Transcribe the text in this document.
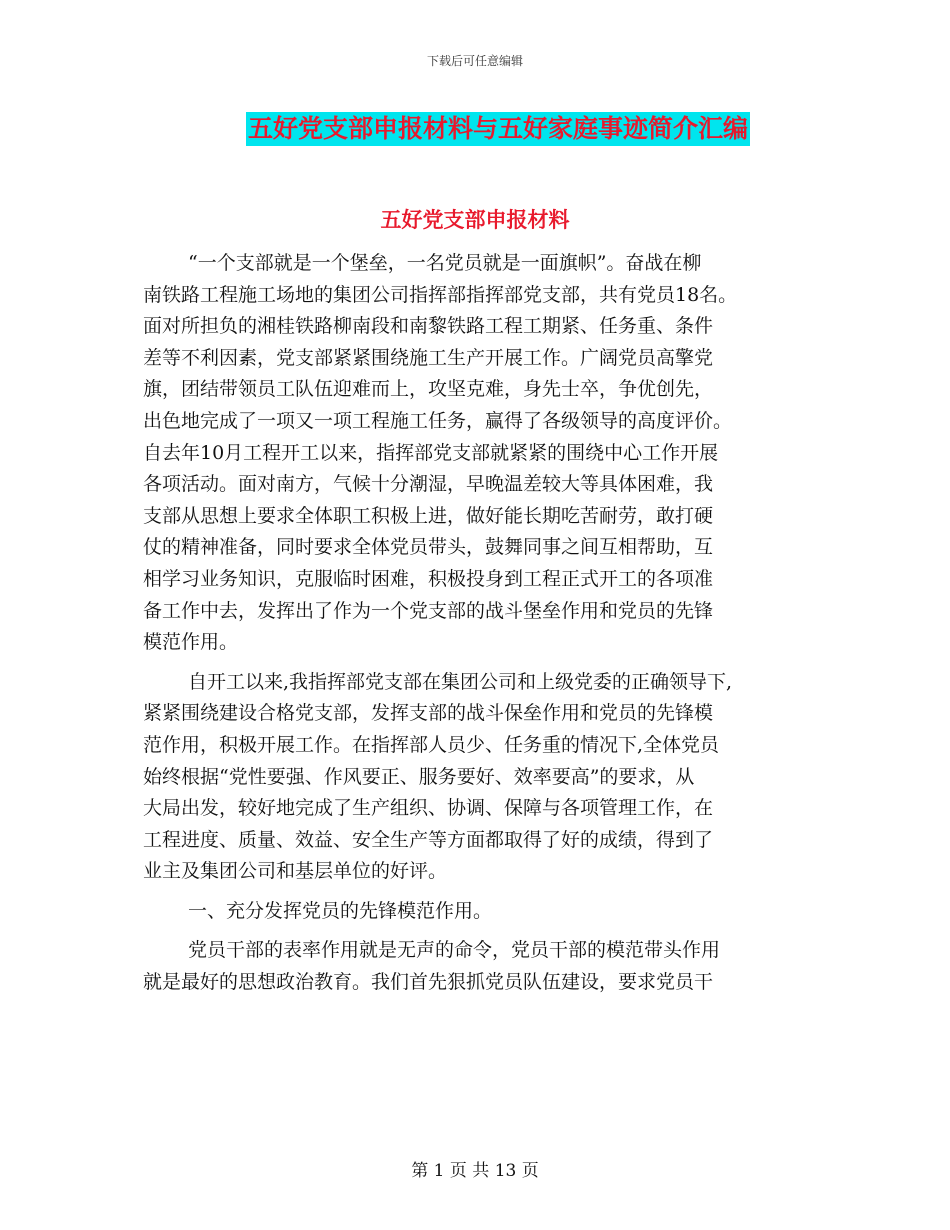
下载后可任意编辑
五好党支部申报材料与五好家庭事迹简介汇编
五好党支部申报材料
“一个支部就是一个堡垒，一名党员就是一面旗帜”。奋战在柳
南铁路工程施工场地的集团公司指挥部指挥部党支部，共有党员18名。
面对所担负的湘桂铁路柳南段和南黎铁路工程工期紧、任务重、条件
差等不利因素，党支部紧紧围绕施工生产开展工作。广阔党员高擎党
旗，团结带领员工队伍迎难而上，攻坚克难，身先士卒，争优创先，
出色地完成了一项又一项工程施工任务，赢得了各级领导的高度评价。
自去年10月工程开工以来，指挥部党支部就紧紧的围绕中心工作开展
各项活动。面对南方，气候十分潮湿，早晚温差较大等具体困难，我
支部从思想上要求全体职工积极上进，做好能长期吃苦耐劳，敢打硬
仗的精神准备，同时要求全体党员带头，鼓舞同事之间互相帮助，互
相学习业务知识，克服临时困难，积极投身到工程正式开工的各项准
备工作中去，发挥出了作为一个党支部的战斗堡垒作用和党员的先锋
模范作用。
自开工以来,我指挥部党支部在集团公司和上级党委的正确领导下,
紧紧围绕建设合格党支部，发挥支部的战斗保垒作用和党员的先锋模
范作用，积极开展工作。在指挥部人员少、任务重的情况下,全体党员
始终根据“党性要强、作风要正、服务要好、效率要高”的要求，从
大局出发，较好地完成了生产组织、协调、保障与各项管理工作，在
工程进度、质量、效益、安全生产等方面都取得了好的成绩，得到了
业主及集团公司和基层单位的好评。
一、充分发挥党员的先锋模范作用。
党员干部的表率作用就是无声的命令，党员干部的模范带头作用
就是最好的思想政治教育。我们首先狠抓党员队伍建设，要求党员干
第 1 页 共 13 页
